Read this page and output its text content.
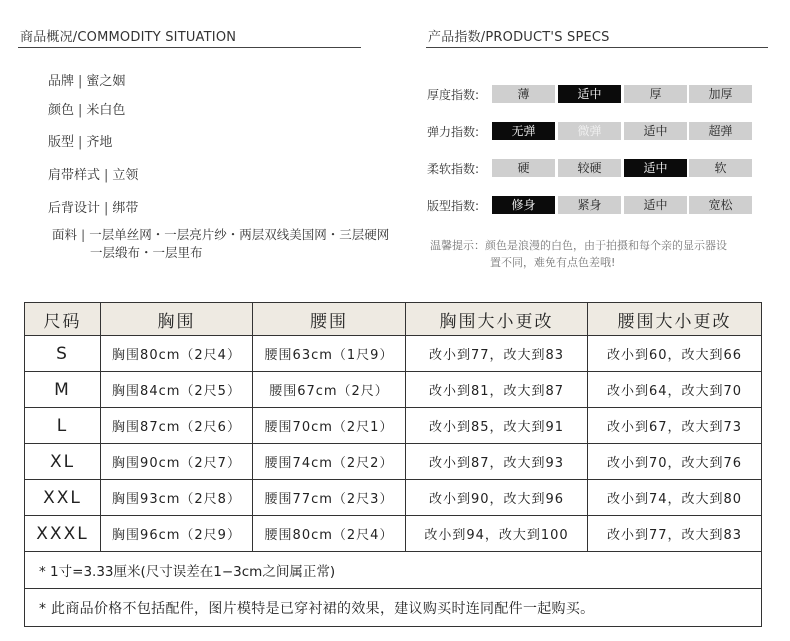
商品概况/COMMODITY SITUATION
品牌 | 蜜之姻
颜色 | 米白色
版型 | 齐地
肩带样式 | 立领
后背设计 | 绑带
面料 | 一层单丝网・一层亮片纱・两层双线美国网・三层硬网
一层缎布・一层里布
产品指数/PRODUCT'S SPECS
厚度指数:	薄	适中	厚	加厚
弹力指数:	无弹	微弹	适中	超弹
柔软指数:	硬	较硬	适中	软
版型指数:	修身	紧身	适中	宽松
温馨提示：颜色是浪漫的白色，由于拍摄和每个亲的显示器设
置不同，难免有点色差哦!
尺码	胸围	腰围	胸围大小更改	腰围大小更改
S	胸围80cm（2尺4）	腰围63cm（1尺9）	改小到77，改大到83	改小到60，改大到66
M	胸围84cm（2尺5）	腰围67cm（2尺）	改小到81，改大到87	改小到64，改大到70
L	胸围87cm（2尺6）	腰围70cm（2尺1）	改小到85，改大到91	改小到67，改大到73
XL	胸围90cm（2尺7）	腰围74cm（2尺2）	改小到87，改大到93	改小到70，改大到76
XXL	胸围93cm（2尺8）	腰围77cm（2尺3）	改小到90，改大到96	改小到74，改大到80
XXXL	胸围96cm（2尺9）	腰围80cm（2尺4）	改小到94，改大到100	改小到77，改大到83
* 1寸=3.33厘米(尺寸误差在1−3cm之间属正常)				
* 此商品价格不包括配件，图片模特是已穿衬裙的效果，建议购买时连同配件一起购买。				
